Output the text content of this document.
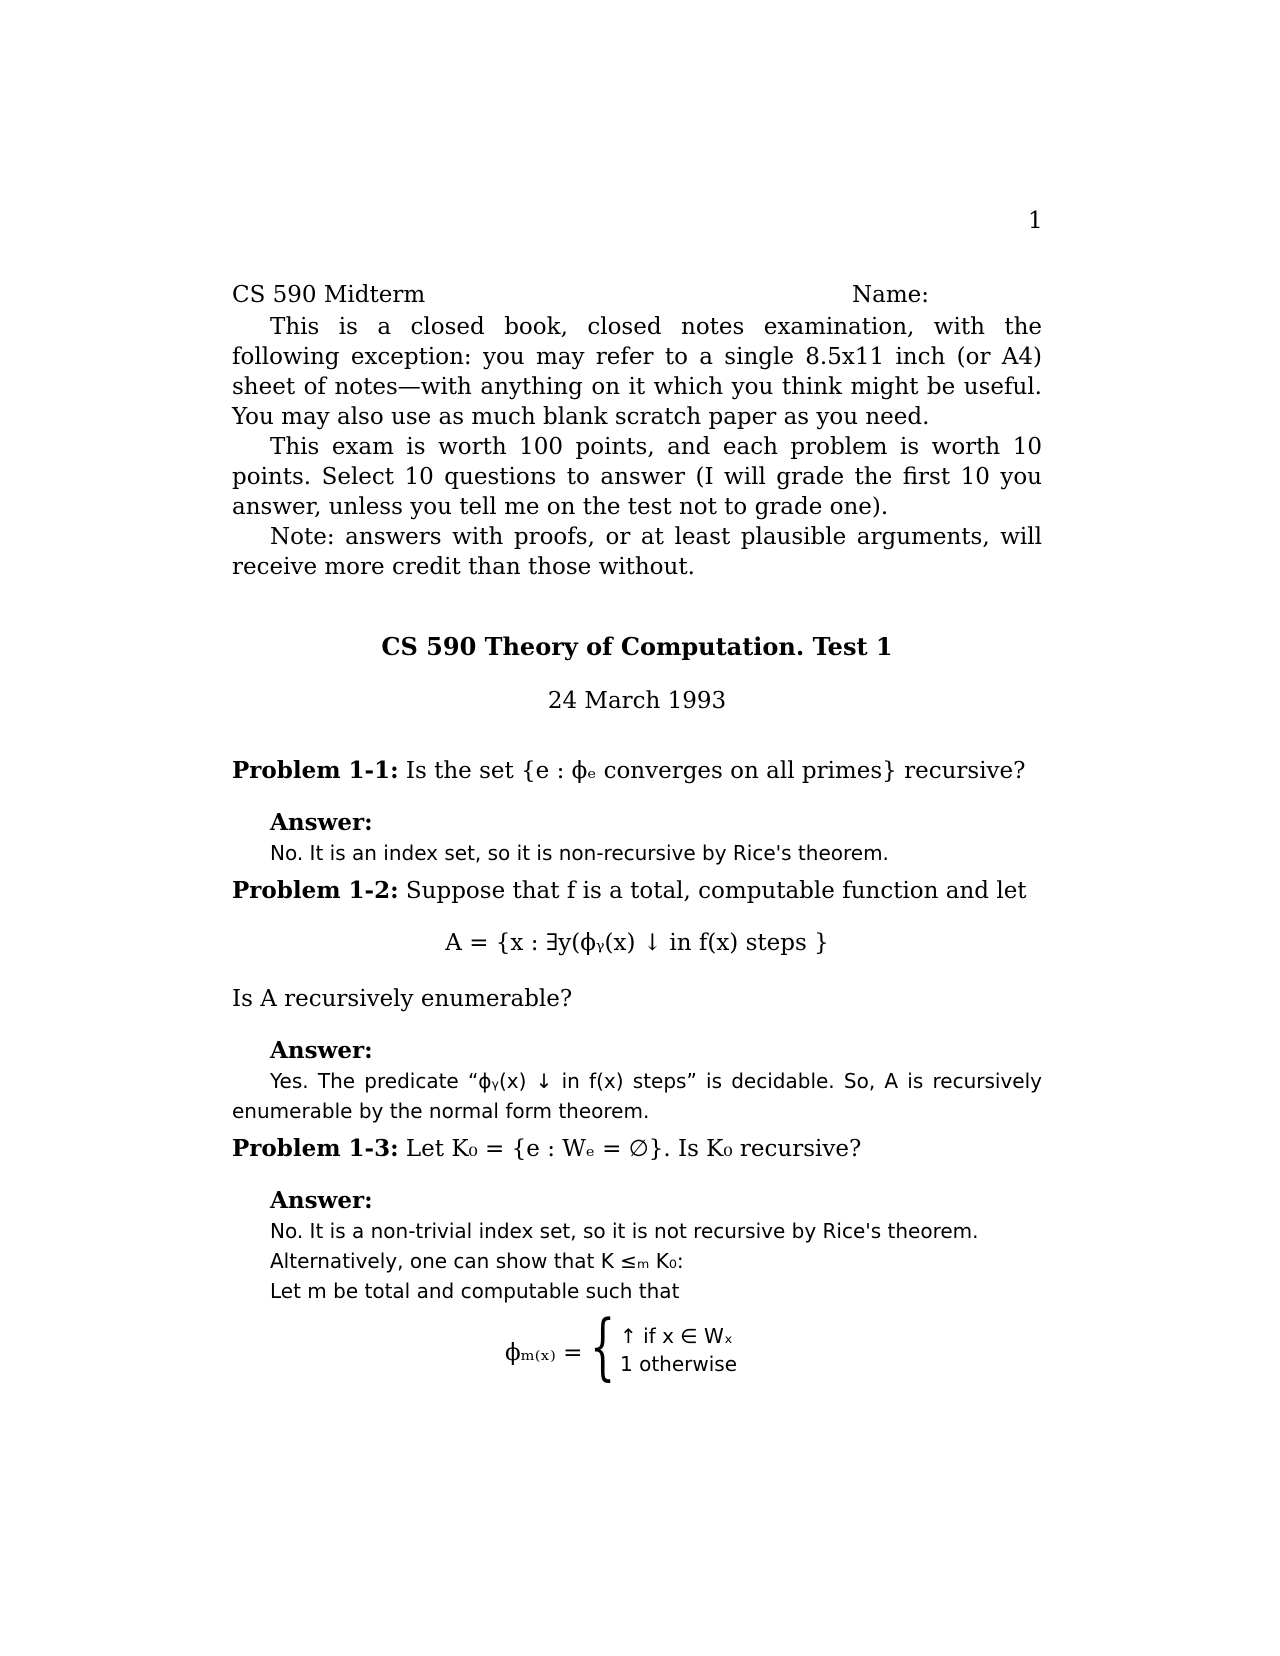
1
CS 590 Midterm	Name:

This is a closed book, closed notes examination, with the following exception: you may refer to a single 8.5x11 inch (or A4) sheet of notes—with anything on it which you think might be useful. You may also use as much blank scratch paper as you need.

This exam is worth 100 points, and each problem is worth 10 points. Select 10 questions to answer (I will grade the first 10 you answer, unless you tell me on the test not to grade one).

Note: answers with proofs, or at least plausible arguments, will receive more credit than those without.

CS 590 Theory of Computation. Test 1
24 March 1993
Problem 1-1: Is the set {e : ϕₑ converges on all primes} recursive?
Answer:
No. It is an index set, so it is non-recursive by Rice's theorem.
Problem 1-2: Suppose that f is a total, computable function and let
A = {x : ∃y(ϕᵧ(x) ↓ in f(x) steps }
Is A recursively enumerable?
Answer:
Yes. The predicate “ϕᵧ(x) ↓ in f(x) steps” is decidable. So, A is recursively enumerable by the normal form theorem.
Problem 1-3: Let K₀ = {e : Wₑ = ∅}. Is K₀ recursive?
Answer:
No. It is a non-trivial index set, so it is not recursive by Rice's theorem.
Alternatively, one can show that K ≤ₘ K₀:
Let m be total and computable such that
ϕₘ₍ₓ₎ = { ↑ if x ∈ Wₓ
1 otherwise
